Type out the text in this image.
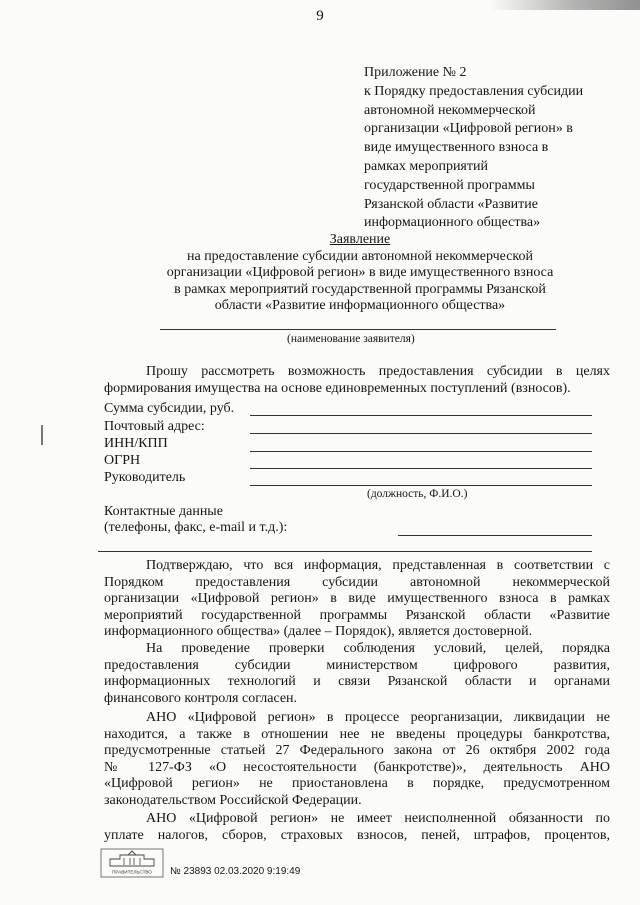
9
Приложение № 2
к Порядку предоставления субсидии
автономной некоммерческой
организации «Цифровой регион» в
виде имущественного взноса в
рамках мероприятий
государственной программы
Рязанской области «Развитие
информационного общества»
Заявление
на предоставление субсидии автономной некоммерческой
организации «Цифровой регион» в виде имущественного взноса
в рамках мероприятий государственной программы Рязанской
области «Развитие информационного общества»
(наименование заявителя)
Прошу рассмотреть возможность предоставления субсидии в целях
формирования имущества на основе единовременных поступлений (взносов).
Сумма субсидии, руб.
Почтовый адрес:
ИНН/КПП
ОГРН
Руководитель
(должность, Ф.И.О.)
Контактные данные
(телефоны, факс, e-mail и т.д.):
Подтверждаю, что вся информация, представленная в соответствии с
Порядком предоставления субсидии автономной некоммерческой
организации «Цифровой регион» в виде имущественного взноса в рамках
мероприятий государственной программы Рязанской области «Развитие
информационного общества» (далее – Порядок), является достоверной.
На проведение проверки соблюдения условий, целей, порядка
предоставления субсидии министерством цифрового развития,
информационных технологий и связи Рязанской области и органами
финансового контроля согласен.
АНО «Цифровой регион» в процессе реорганизации, ликвидации не
находится, а также в отношении нее не введены процедуры банкротства,
предусмотренные статьей 27 Федерального закона от 26 октября 2002 года
№ 127-ФЗ «О несостоятельности (банкротстве)», деятельность АНО
«Цифровой регион» не приостановлена в порядке, предусмотренном
законодательством Российской Федерации.
АНО «Цифровой регион» не имеет неисполненной обязанности по
уплате налогов, сборов, страховых взносов, пеней, штрафов, процентов,
ПРАВИТЕЛЬСТВО № 23893 02.03.2020 9:19:49
